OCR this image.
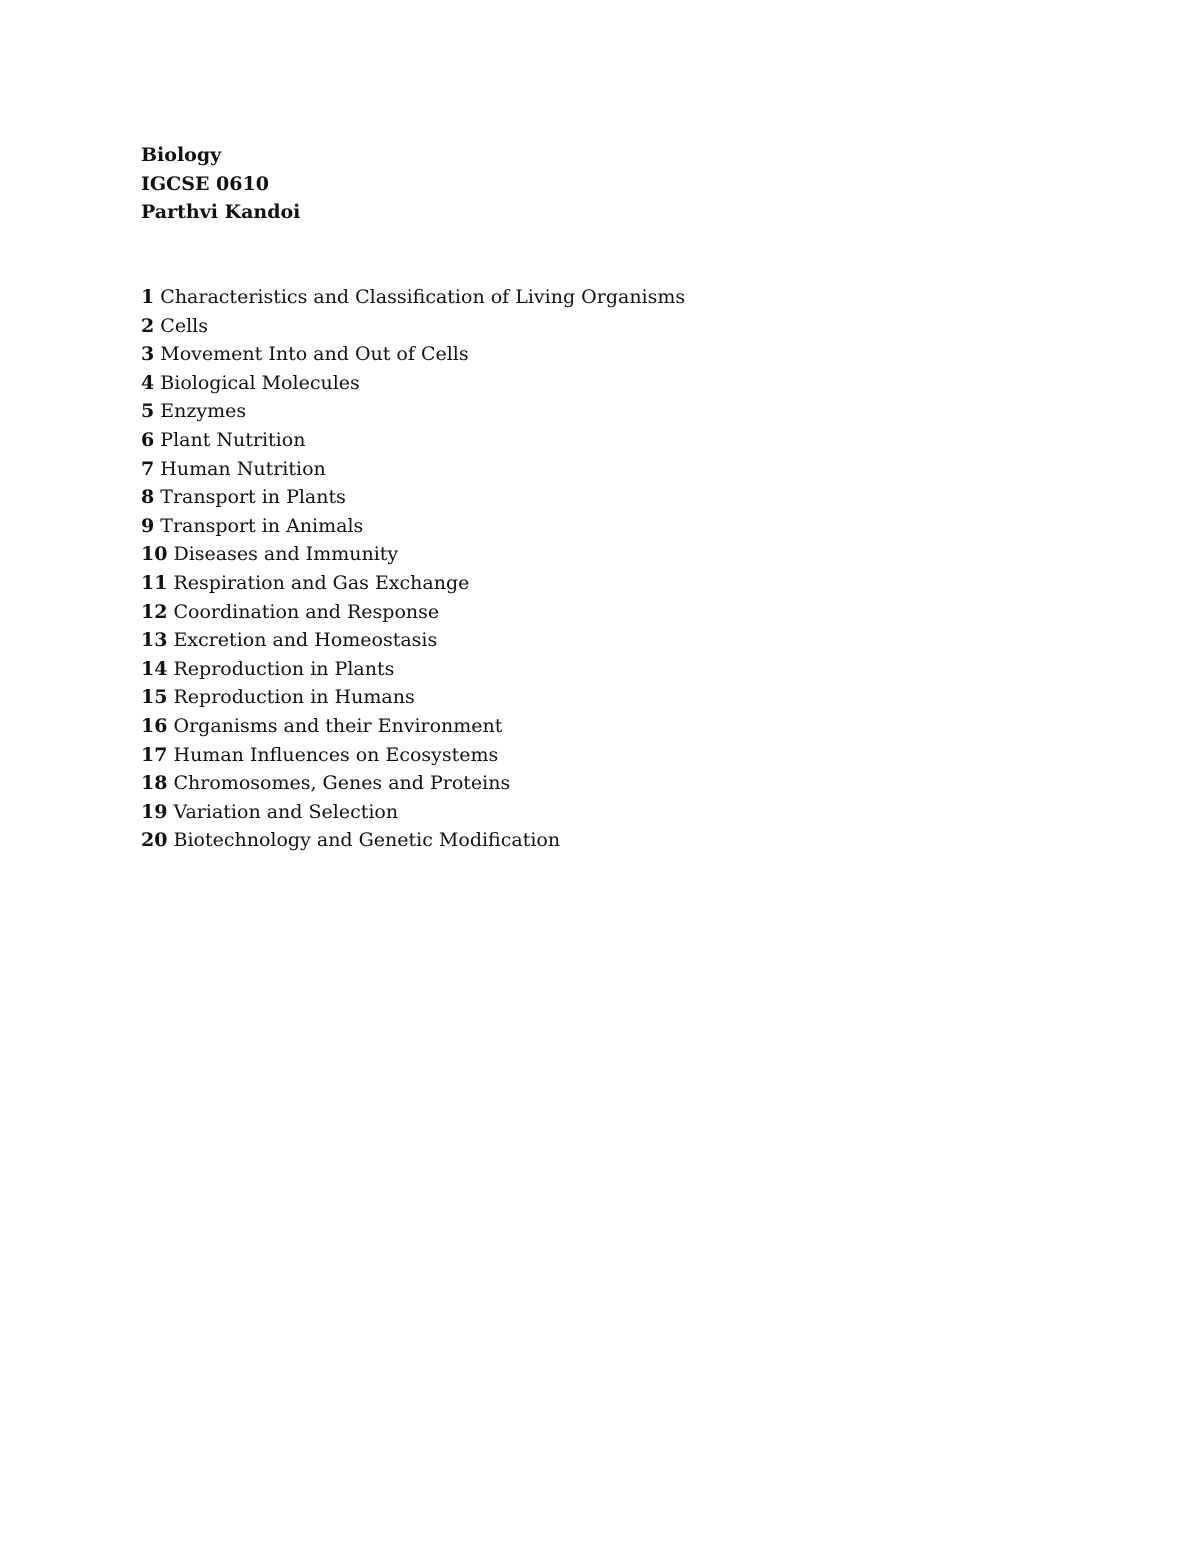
Biology
IGCSE 0610
Parthvi Kandoi
1 Characteristics and Classification of Living Organisms
2 Cells
3 Movement Into and Out of Cells
4 Biological Molecules
5 Enzymes
6 Plant Nutrition
7 Human Nutrition
8 Transport in Plants
9 Transport in Animals
10 Diseases and Immunity
11 Respiration and Gas Exchange
12 Coordination and Response
13 Excretion and Homeostasis
14 Reproduction in Plants
15 Reproduction in Humans
16 Organisms and their Environment
17 Human Influences on Ecosystems
18 Chromosomes, Genes and Proteins
19 Variation and Selection
20 Biotechnology and Genetic Modification
